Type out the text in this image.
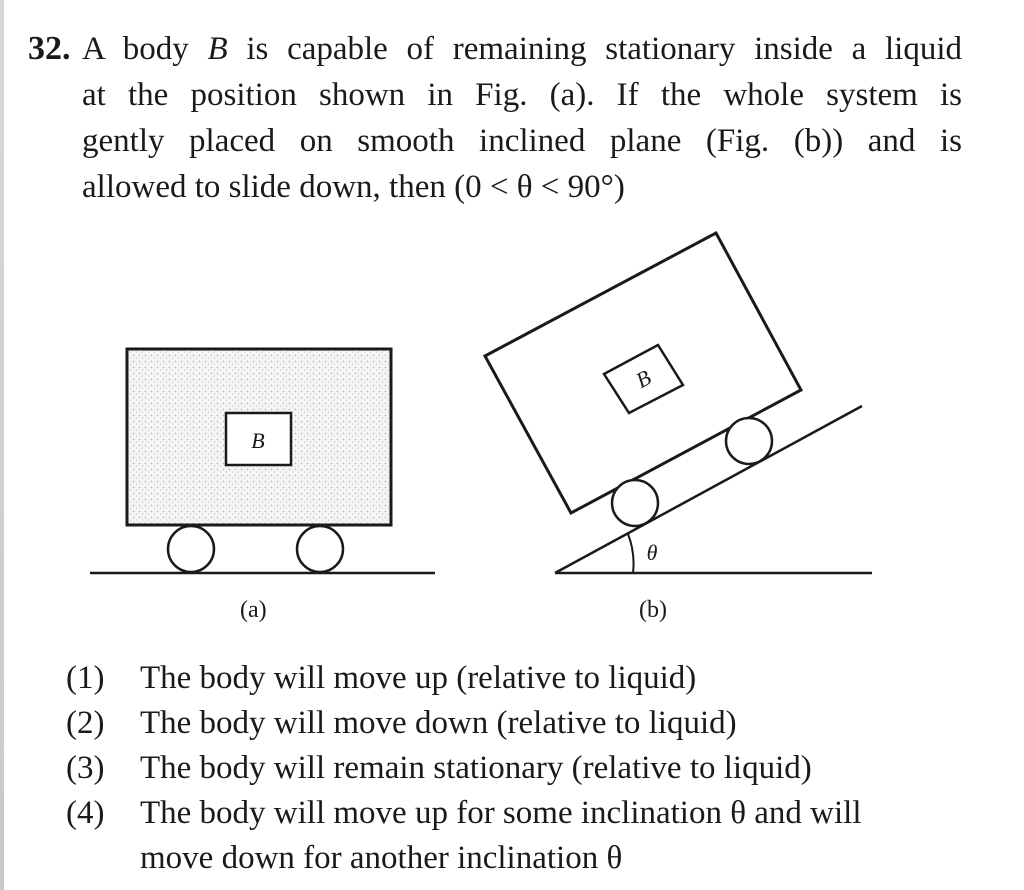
32. A body B is capable of remaining stationary inside a liquid
at the position shown in Fig. (a). If the whole system is
gently placed on smooth inclined plane (Fig. (b)) and is
allowed to slide down, then (0 < θ < 90°)
B
θ
B
(a)	(b)
(1)	The body will move up (relative to liquid)
(2)	The body will move down (relative to liquid)
(3)	The body will remain stationary (relative to liquid)
(4)	The body will move up for some inclination θ and will
move down for another inclination θ
